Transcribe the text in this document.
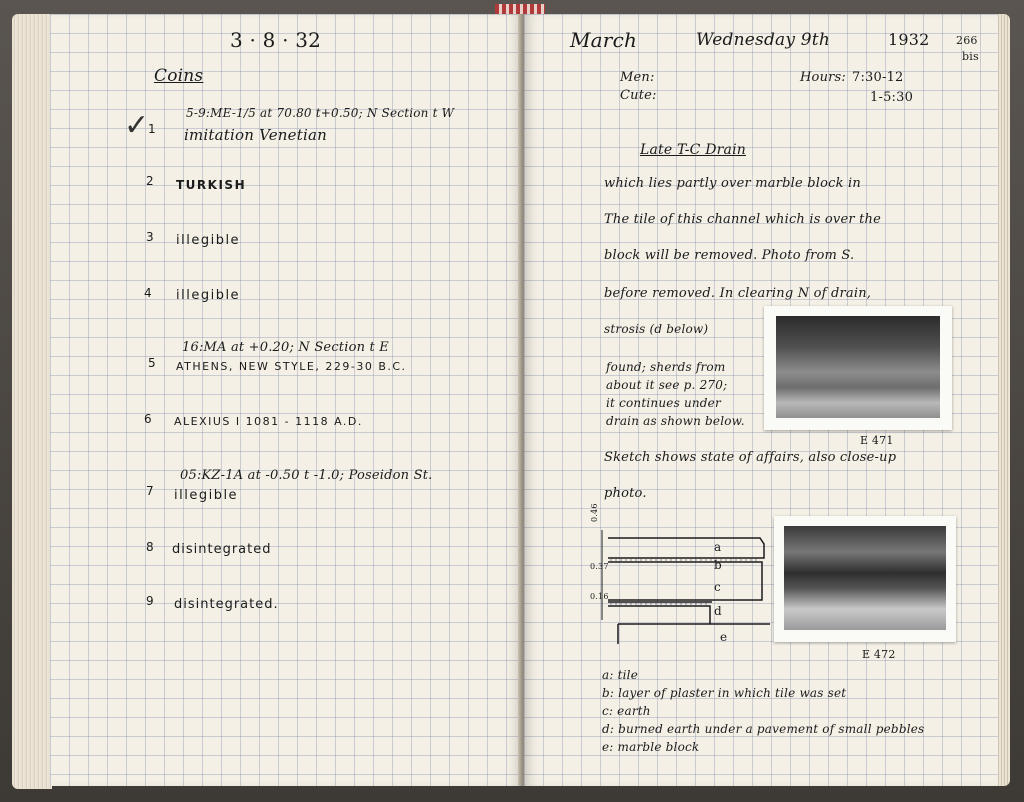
3 · 8 · 32
Coins
✓
1
5-9:ME-1/5 at 70.80 t+0.50; N Section t W
imitation Venetian
2 TURKISH
3 illegible
4 illegible
16:MA at +0.20; N Section t E
5 ATHENS, NEW STYLE, 229-30 B.C.
6 ALEXIUS I 1081 - 1118 A.D.
05:KZ-1A at -0.50 t -1.0; Poseidon St.
7 illegible
8 disintegrated
9 disintegrated.
March	Wednesday 9th	1932 266
bis
Men:
Cute:
Hours: 7:30-12
1-5:30
Late T-C Drain
which lies partly over marble block in
The tile of this channel which is over the
block will be removed. Photo from S.
before removed. In clearing N of drain,
strosis (d below)
found; sherds from
about it see p. 270;
it continues under
drain as shown below.
E 471
Sketch shows state of affairs, also close-up
photo.
0.46
0.37
0.16
a
b
c
d
e
E 472
a: tile
b: layer of plaster in which tile was set
c: earth
d: burned earth under a pavement of small pebbles
e: marble block
